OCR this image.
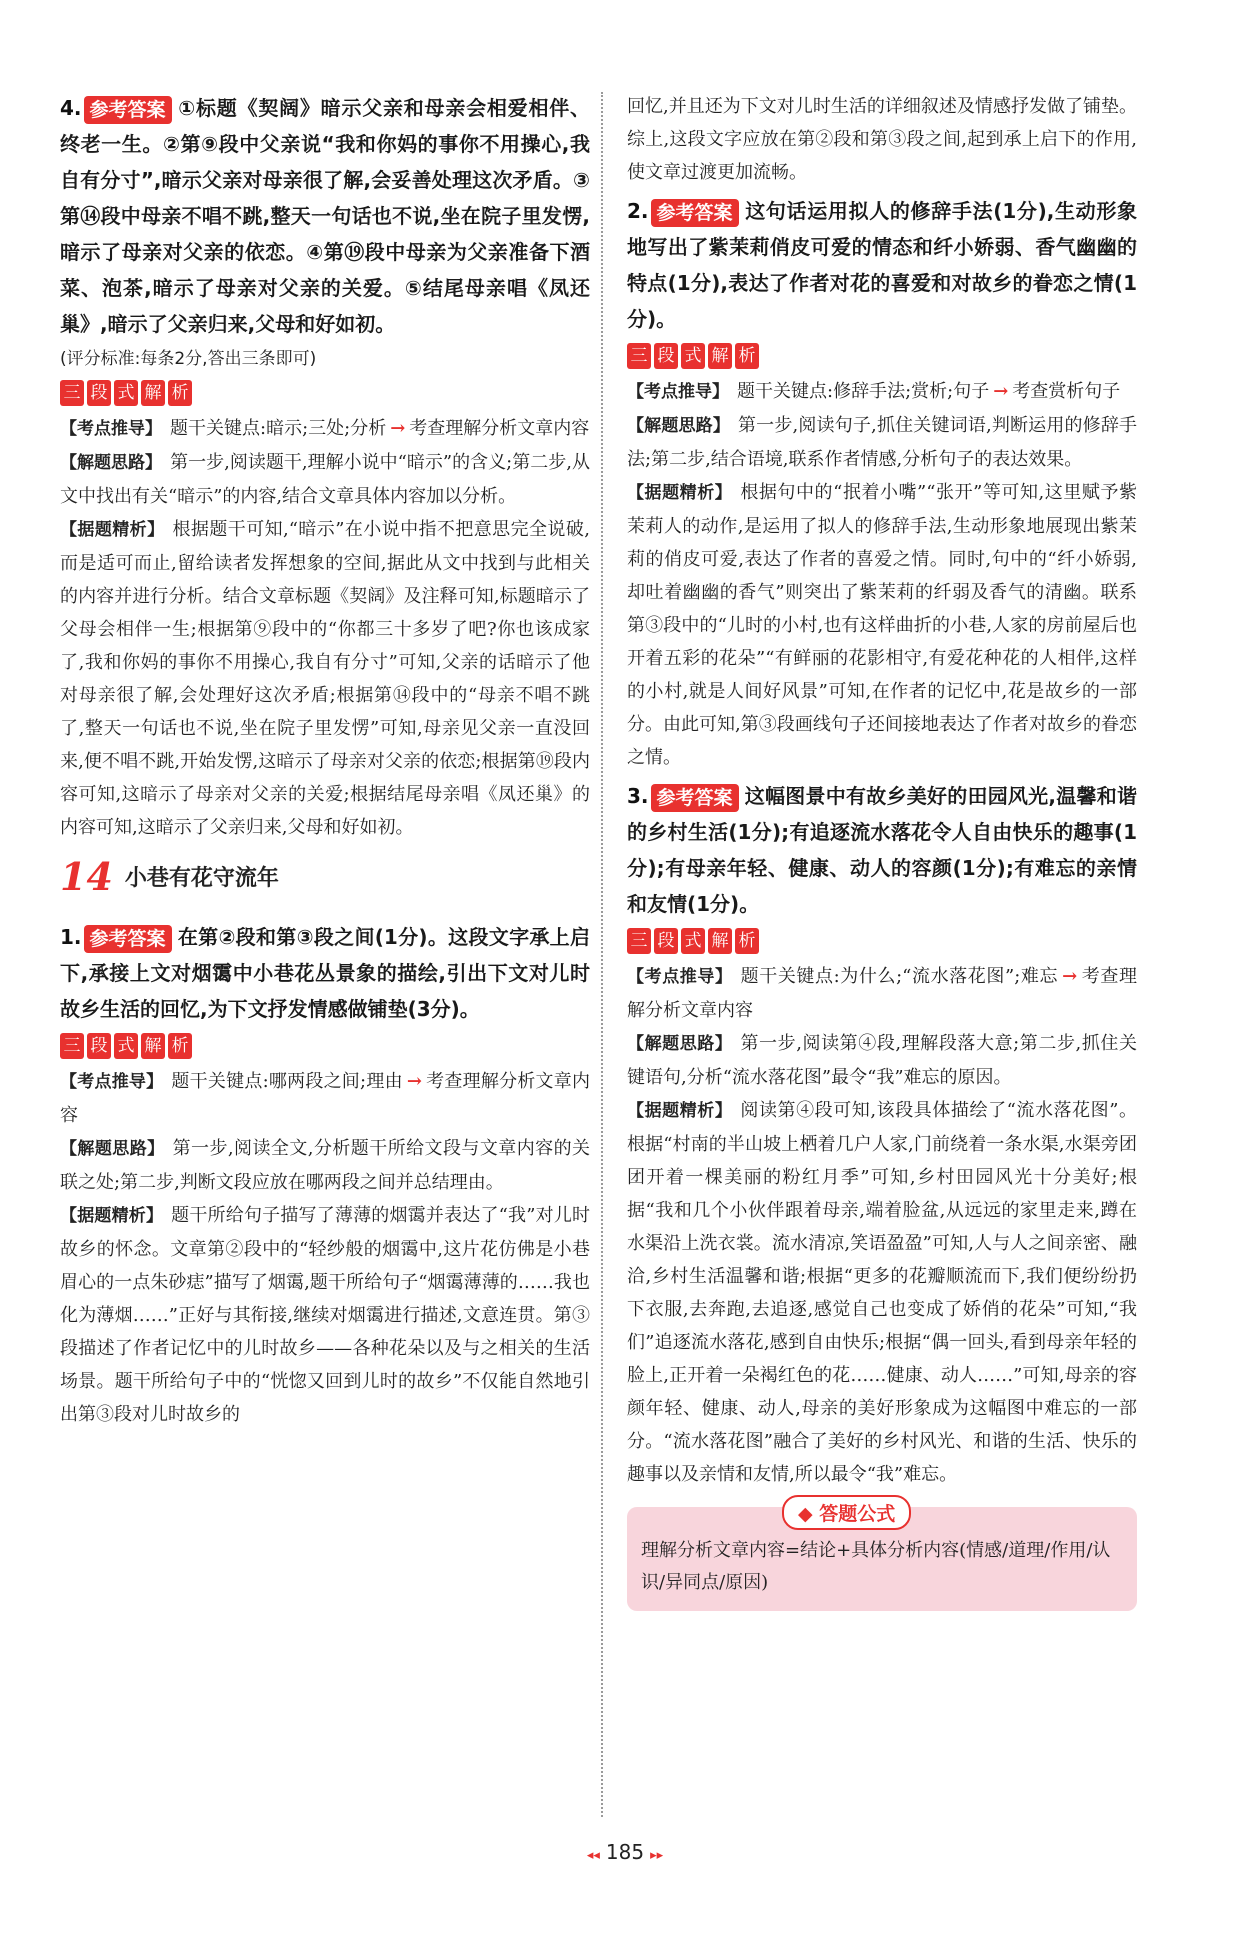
4. 参考答案 ①标题《契阔》暗示父亲和母亲会相爱相伴、终老一生。②第⑨段中父亲说“我和你妈的事你不用操心,我自有分寸”,暗示父亲对母亲很了解,会妥善处理这次矛盾。③第⑭段中母亲不唱不跳,整天一句话也不说,坐在院子里发愣,暗示了母亲对父亲的依恋。④第⑲段中母亲为父亲准备下酒菜、泡茶,暗示了母亲对父亲的关爱。⑤结尾母亲唱《凤还巢》,暗示了父亲归来,父母和好如初。
(评分标准:每条2分,答出三条即可)
三 段 式 解 析

【考点推导】 题干关键点:暗示;三处;分析 → 考查理解分析文章内容

【解题思路】 第一步,阅读题干,理解小说中“暗示”的含义;第二步,从文中找出有关“暗示”的内容,结合文章具体内容加以分析。

【据题精析】 根据题干可知,“暗示”在小说中指不把意思完全说破,而是适可而止,留给读者发挥想象的空间,据此从文中找到与此相关的内容并进行分析。结合文章标题《契阔》及注释可知,标题暗示了父母会相伴一生;根据第⑨段中的“你都三十多岁了吧?你也该成家了,我和你妈的事你不用操心,我自有分寸”可知,父亲的话暗示了他对母亲很了解,会处理好这次矛盾;根据第⑭段中的“母亲不唱不跳了,整天一句话也不说,坐在院子里发愣”可知,母亲见父亲一直没回来,便不唱不跳,开始发愣,这暗示了母亲对父亲的依恋;根据第⑲段内容可知,这暗示了母亲对父亲的关爱;根据结尾母亲唱《凤还巢》的内容可知,这暗示了父亲归来,父母和好如初。

14 小巷有花守流年
1. 参考答案 在第②段和第③段之间(1分)。这段文字承上启下,承接上文对烟霭中小巷花丛景象的描绘,引出下文对儿时故乡生活的回忆,为下文抒发情感做铺垫(3分)。
三 段 式 解 析

【考点推导】 题干关键点:哪两段之间;理由 → 考查理解分析文章内容

【解题思路】 第一步,阅读全文,分析题干所给文段与文章内容的关联之处;第二步,判断文段应放在哪两段之间并总结理由。

【据题精析】 题干所给句子描写了薄薄的烟霭并表达了“我”对儿时故乡的怀念。文章第②段中的“轻纱般的烟霭中,这片花仿佛是小巷眉心的一点朱砂痣”描写了烟霭,题干所给句子“烟霭薄薄的……我也化为薄烟……”正好与其衔接,继续对烟霭进行描述,文意连贯。第③段描述了作者记忆中的儿时故乡——各种花朵以及与之相关的生活场景。题干所给句子中的“恍惚又回到儿时的故乡”不仅能自然地引出第③段对儿时故乡的

回忆,并且还为下文对儿时生活的详细叙述及情感抒发做了铺垫。综上,这段文字应放在第②段和第③段之间,起到承上启下的作用,使文章过渡更加流畅。

2. 参考答案 这句话运用拟人的修辞手法(1分),生动形象地写出了紫茉莉俏皮可爱的情态和纤小娇弱、香气幽幽的特点(1分),表达了作者对花的喜爱和对故乡的眷恋之情(1分)。
三 段 式 解 析

【考点推导】 题干关键点:修辞手法;赏析;句子 → 考查赏析句子

【解题思路】 第一步,阅读句子,抓住关键词语,判断运用的修辞手法;第二步,结合语境,联系作者情感,分析句子的表达效果。

【据题精析】 根据句中的“抿着小嘴”“张开”等可知,这里赋予紫茉莉人的动作,是运用了拟人的修辞手法,生动形象地展现出紫茉莉的俏皮可爱,表达了作者的喜爱之情。同时,句中的“纤小娇弱,却吐着幽幽的香气”则突出了紫茉莉的纤弱及香气的清幽。联系第③段中的“儿时的小村,也有这样曲折的小巷,人家的房前屋后也开着五彩的花朵”“有鲜丽的花影相守,有爱花种花的人相伴,这样的小村,就是人间好风景”可知,在作者的记忆中,花是故乡的一部分。由此可知,第③段画线句子还间接地表达了作者对故乡的眷恋之情。

3. 参考答案 这幅图景中有故乡美好的田园风光,温馨和谐的乡村生活(1分);有追逐流水落花令人自由快乐的趣事(1分);有母亲年轻、健康、动人的容颜(1分);有难忘的亲情和友情(1分)。
三 段 式 解 析

【考点推导】 题干关键点:为什么;“流水落花图”;难忘 → 考查理解分析文章内容

【解题思路】 第一步,阅读第④段,理解段落大意;第二步,抓住关键语句,分析“流水落花图”最令“我”难忘的原因。

【据题精析】 阅读第④段可知,该段具体描绘了“流水落花图”。根据“村南的半山坡上栖着几户人家,门前绕着一条水渠,水渠旁团团开着一棵美丽的粉红月季”可知,乡村田园风光十分美好;根据“我和几个小伙伴跟着母亲,端着脸盆,从远远的家里走来,蹲在水渠沿上洗衣裳。流水清凉,笑语盈盈”可知,人与人之间亲密、融洽,乡村生活温馨和谐;根据“更多的花瓣顺流而下,我们便纷纷扔下衣服,去奔跑,去追逐,感觉自己也变成了娇俏的花朵”可知,“我们”追逐流水落花,感到自由快乐;根据“偶一回头,看到母亲年轻的脸上,正开着一朵褐红色的花……健康、动人……”可知,母亲的容颜年轻、健康、动人,母亲的美好形象成为这幅图中难忘的一部分。“流水落花图”融合了美好的乡村风光、和谐的生活、快乐的趣事以及亲情和友情,所以最令“我”难忘。

◆ 答题公式
理解分析文章内容=结论+具体分析内容(情感/道理/作用/认识/异同点/原因)
◂◂ 185 ▸▸
